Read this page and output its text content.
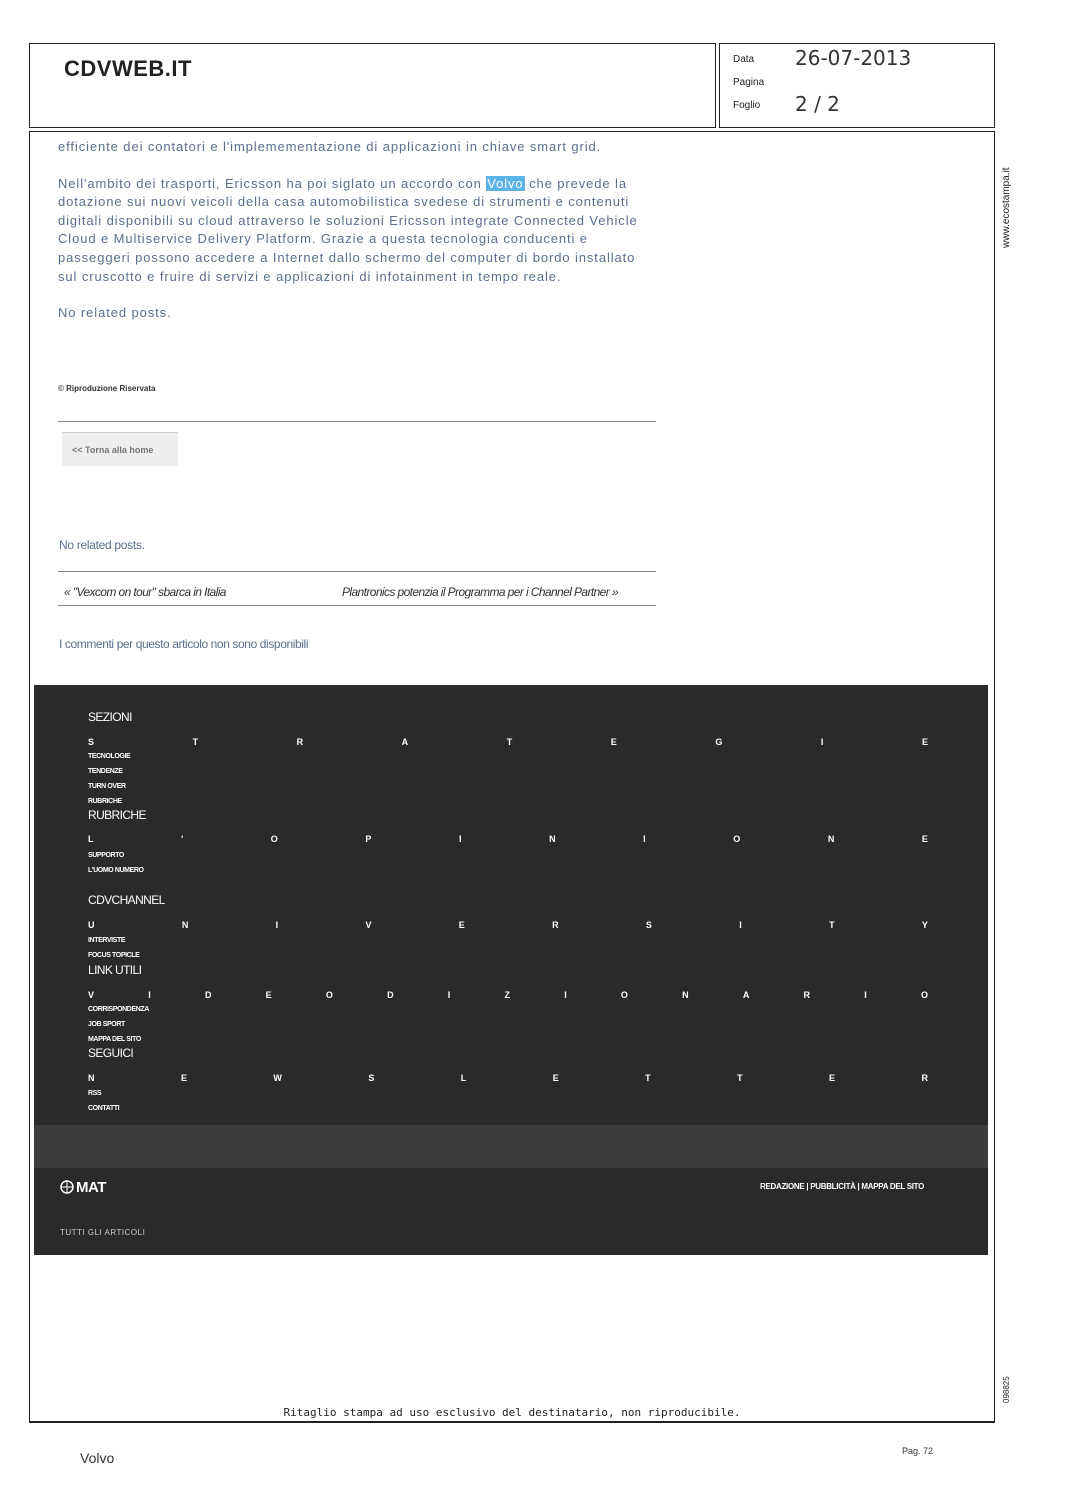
CDVWEB.IT	Data 26-07-2013
Pagina
Foglio 2 / 2

efficiente dei contatori e l'implemementazione di applicazioni in chiave smart grid.

Nell'ambito dei trasporti, Ericsson ha poi siglato un accordo con Volvo che prevede la dotazione sui nuovi veicoli della casa automobilistica svedese di strumenti e contenuti digitali disponibili su cloud attraverso le soluzioni Ericsson integrate Connected Vehicle Cloud e Multiservice Delivery Platform. Grazie a questa tecnologia conducenti e passeggeri possono accedere a Internet dallo schermo del computer di bordo installato sul cruscotto e fruire di servizi e applicazioni di infotainment in tempo reale.

No related posts.

© Riproduzione Riservata
<< Torna alla home
No related posts.
« "Vexcom on tour" sbarca in Italia	Plantronics potenzia il Programma per i Channel Partner »
I commenti per questo articolo non sono disponibili
SEZIONI
S	T	R	A	T	E	G	I	E
TECNOLOGIE
TENDENZE
TURN OVER
RUBRICHE
RUBRICHE
L	'	O	P	I	N	I	O	N	E
SUPPORTO
L'UOMO NUMERO
CDVCHANNEL
U	N	I	V	E	R	S	I	T	Y
INTERVISTE
FOCUS TOPICLE
LINK UTILI
V	I	D	E	O	D	I	Z	I	O	N	A	R	I	O
CORRISPONDENZA
JOB SPORT
MAPPA DEL SITO
SEGUICI
N	E	W	S	L	E	T	T	E	R
RSS
CONTATTI
MAT	REDAZIONE | PUBBLICITÀ | MAPPA DEL SITO
TUTTI GLI ARTICOLI
www.ecostampa.it
098825
Ritaglio stampa ad uso esclusivo del destinatario, non riproducibile.
Volvo	Pag. 72
